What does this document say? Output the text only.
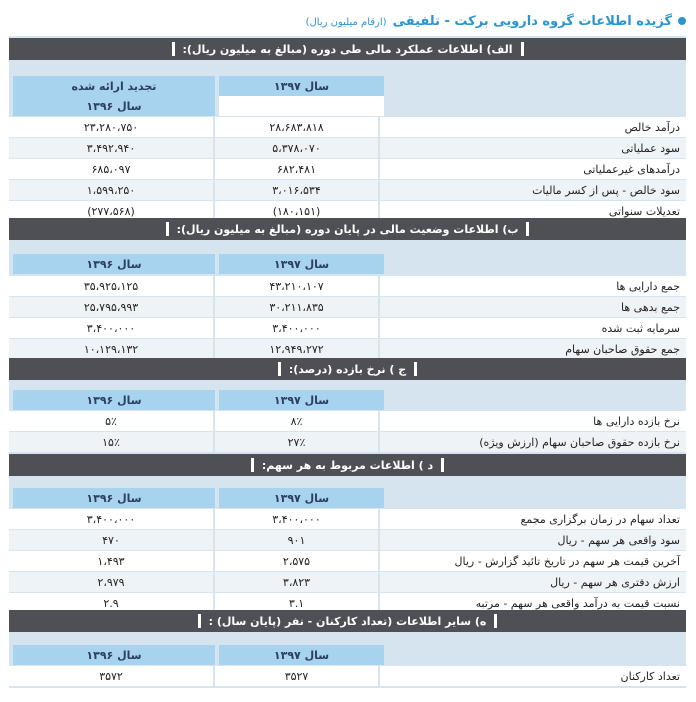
گزیده اطلاعات گروه دارویی برکت - تلفیقی(ارقام میلیون ریال)
الف) اطلاعات عملکرد مالی طی دوره (مبالغ به میلیون ریال):
سال ۱۳۹۷
تجدید ارائه شده
سال ۱۳۹۶
درآمد خالص
۲۸،۶۸۳،۸۱۸
۲۳،۲۸۰،۷۵۰
سود عملیاتی
۵،۳۷۸،۰۷۰
۳،۴۹۲،۹۴۰
درآمدهای غیرعملیاتی
۶۸۲،۴۸۱
۶۸۵،۰۹۷
سود خالص - پس از کسر مالیات
۳،۰۱۶،۵۳۴
۱،۵۹۹،۲۵۰
تعدیلات سنواتی
(۱۸۰،۱۵۱)
(۲۷۷،۵۶۸)
ب) اطلاعات وضعیت مالی در پایان دوره (مبالغ به میلیون ریال):
سال ۱۳۹۷
سال ۱۳۹۶
جمع دارایی ها
۴۳،۲۱۰،۱۰۷
۳۵،۹۲۵،۱۲۵
جمع بدهی ها
۳۰،۲۱۱،۸۳۵
۲۵،۷۹۵،۹۹۳
سرمایه ثبت شده
۳،۴۰۰،۰۰۰
۳،۴۰۰،۰۰۰
جمع حقوق صاحبان سهام
۱۲،۹۴۹،۲۷۲
۱۰،۱۲۹،۱۳۲
ج ) نرخ بازده (درصد):
سال ۱۳۹۷
سال ۱۳۹۶
نرخ بازده دارایی ها
۸٪
۵٪
نرخ بازده حقوق صاحبان سهام (ارزش ویژه)
۲۷٪
۱۵٪
د ) اطلاعات مربوط به هر سهم:
سال ۱۳۹۷
سال ۱۳۹۶
تعداد سهام در زمان برگزاری مجمع
۳،۴۰۰،۰۰۰
۳،۴۰۰،۰۰۰
سود واقعی هر سهم - ریال
۹۰۱
۴۷۰
آخرین قیمت هر سهم در تاریخ تائید گزارش - ریال
۲،۵۷۵
۱،۴۹۳
ارزش دفتری هر سهم - ریال
۳،۸۲۳
۲،۹۷۹
نسبت قیمت به درآمد واقعی هر سهم - مرتبه
۳.۱
۲.۹
ه) سایر اطلاعات (تعداد کارکنان - نفر (پایان سال) :
سال ۱۳۹۷
سال ۱۳۹۶
تعداد کارکنان
۳۵۲۷
۳۵۷۲
